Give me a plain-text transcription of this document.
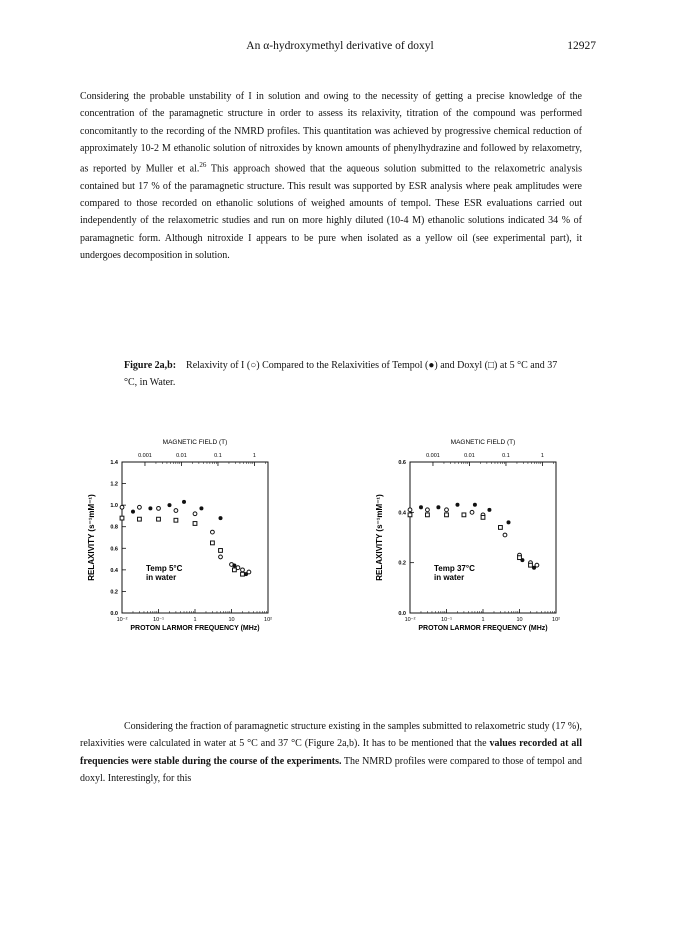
An α-hydroxymethyl derivative of doxyl	12927

Considering the probable unstability of I in solution and owing to the necessity of getting a precise knowledge of the concentration of the paramagnetic structure in order to assess its relaxivity, titration of the compound was performed concomitantly to the recording of the NMRD profiles. This quantitation was achieved by progressive chemical reduction of approximately 10-2 M ethanolic solution of nitroxides by known amounts of phenylhydrazine and followed by relaxometry, as reported by Muller et al.$^{26}$ This approach showed that the aqueous solution submitted to the relaxometric analysis contained but 17 % of the paramagnetic structure. This result was supported by ESR analysis where peak amplitudes were compared to those recorded on ethanolic solutions of weighed amounts of tempol. These ESR evaluations carried out independently of the relaxometric studies and run on more highly diluted (10-4 M) ethanolic solutions indicated 34 % of paramagnetic form. Although nitroxide I appears to be pure when isolated as a yellow oil (see experimental part), it undergoes decomposition in solution.

Figure 2a,b: Relaxivity of I (○) Compared to the Relaxivities of Tempol (●) and Doxyl (□) at 5 °C and 37 °C, in Water.

MAGNETIC FIELD (T)
0.001	0.01	0.1	1
10⁻²	10⁻¹	1	10	10²
0.0
0.2
0.4
0.6
0.8
1.0
1.2
1.4
PROTON LARMOR FREQUENCY (MHz)
RELAXIVITY (s⁻¹mM⁻¹)	Temp 5°C
in water
MAGNETIC FIELD (T)
0.001	0.01	0.1	1
10⁻²	10⁻¹	1	10	10²
0.0
0.2
0.4
0.6
PROTON LARMOR FREQUENCY (MHz)
RELAXIVITY (s⁻¹mM⁻¹)	Temp 37°C
in water

Considering the fraction of paramagnetic structure existing in the samples submitted to relaxometric study (17 %), relaxivities were calculated in water at 5 °C and 37 °C (Figure 2a,b). It has to be mentioned that the values recorded at all frequencies were stable during the course of the experiments. The NMRD profiles were compared to those of tempol and doxyl. Interestingly, for this
